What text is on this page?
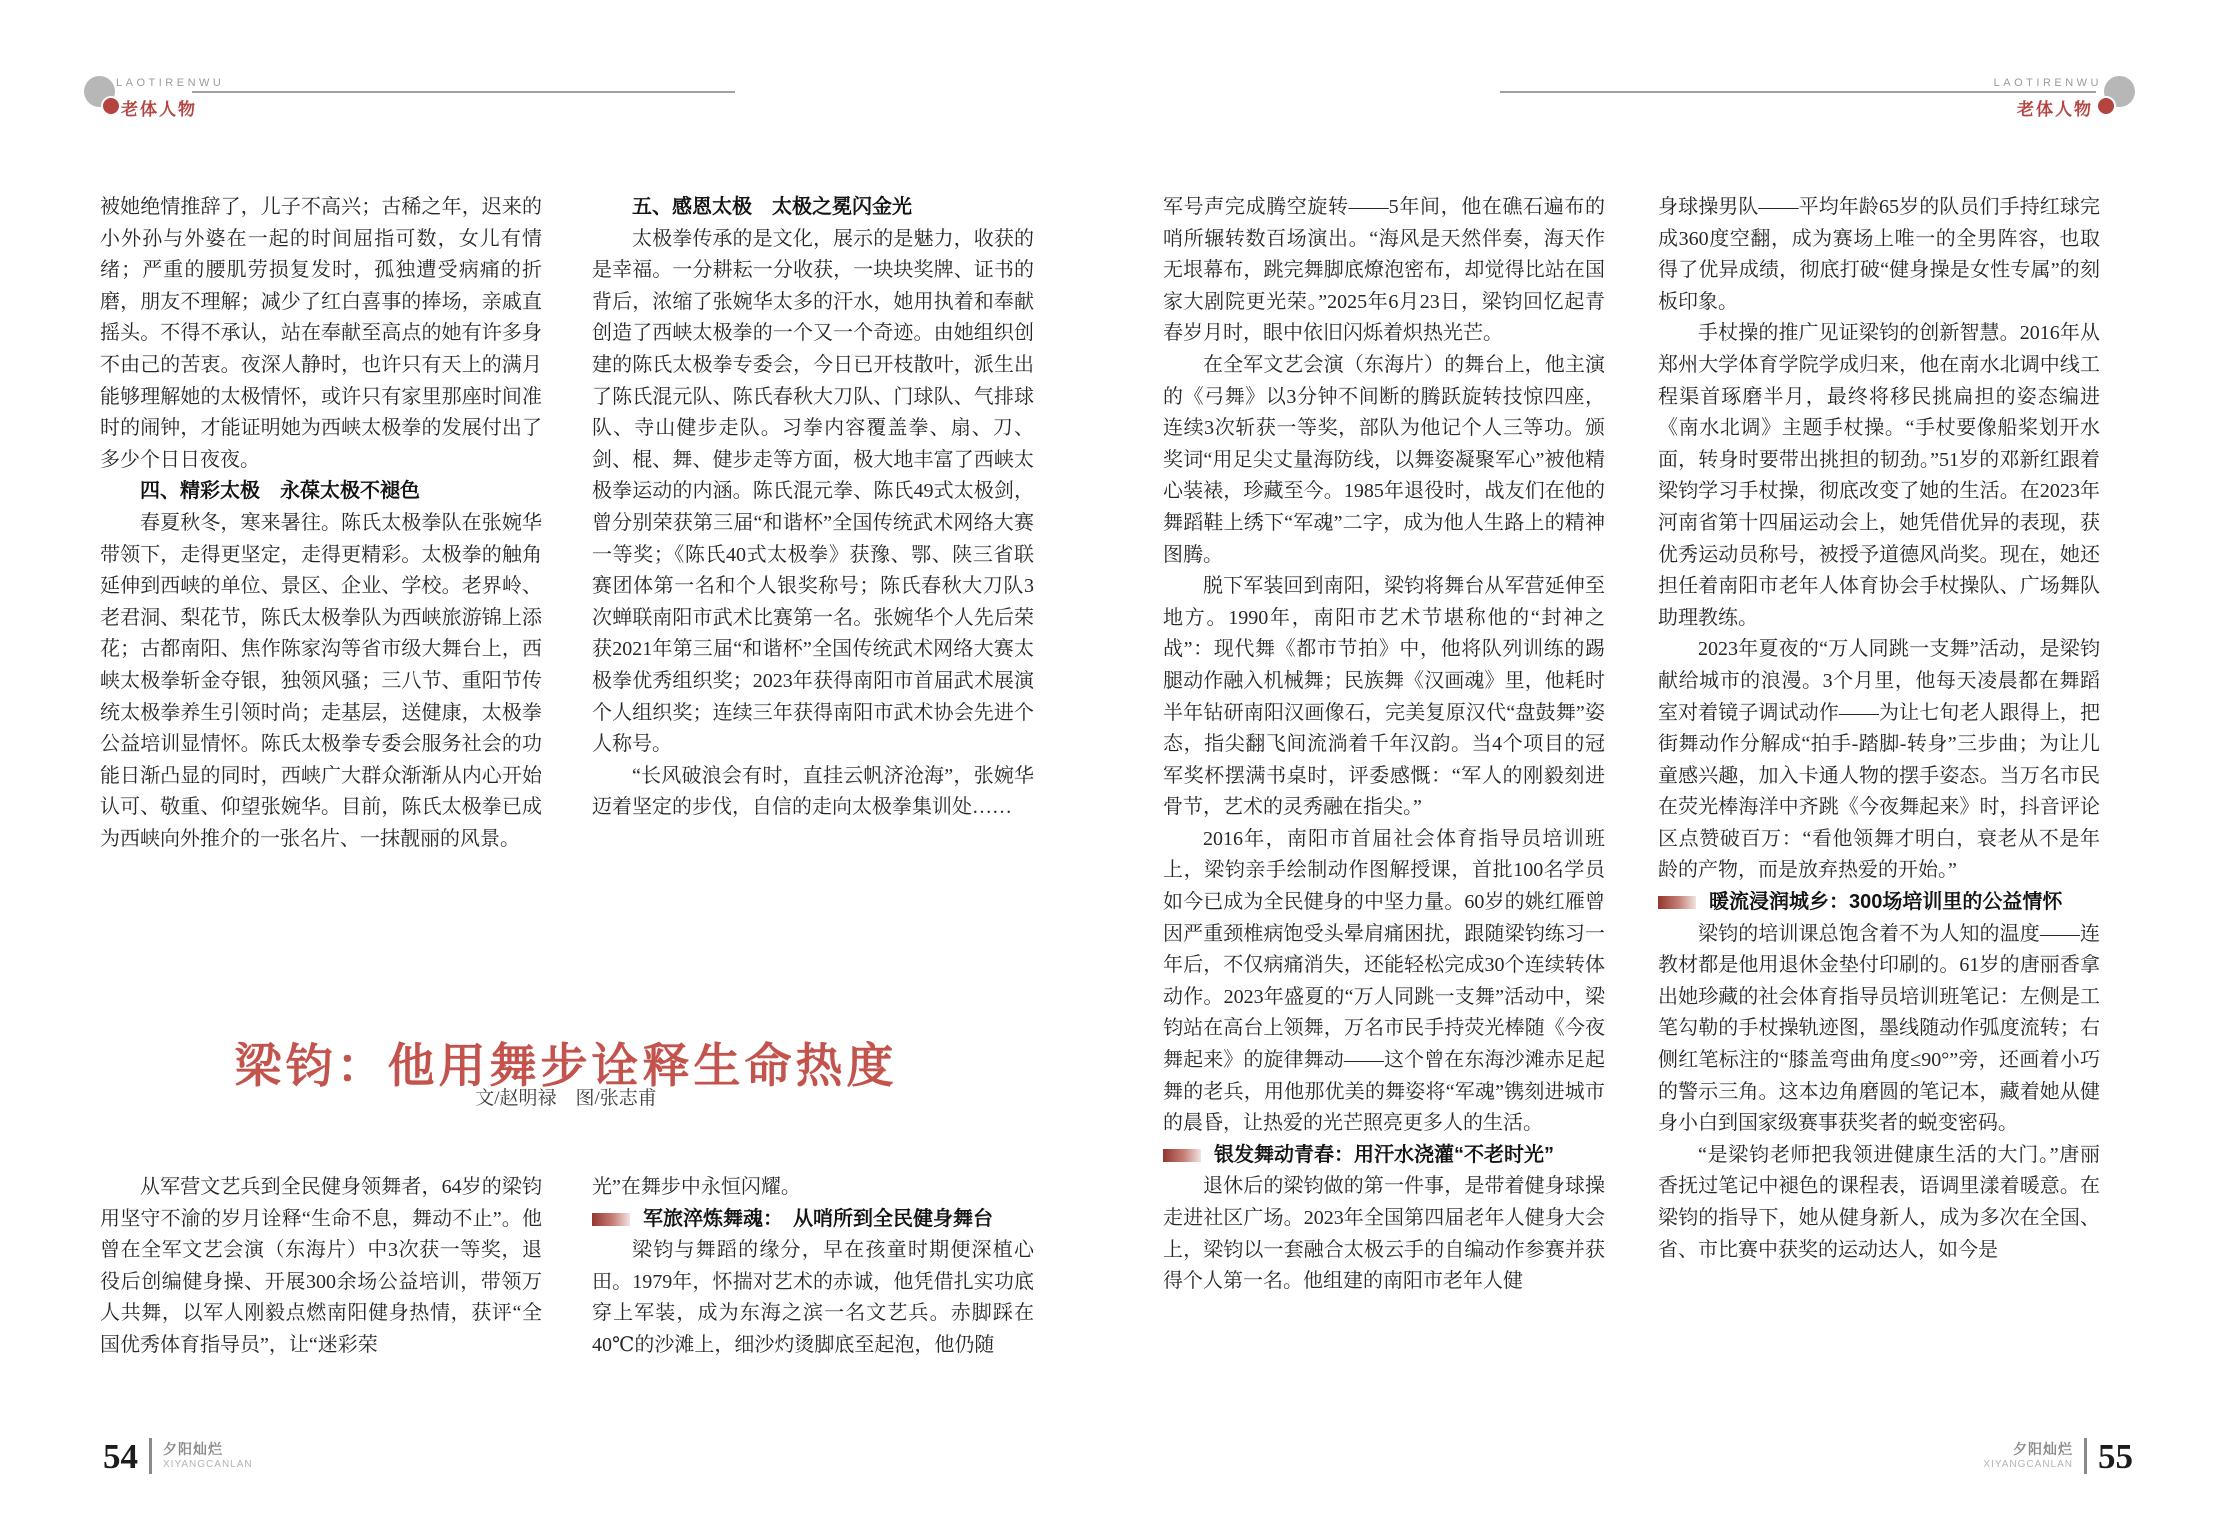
LAOTIRENWU
老体人物
LAOTIRENWU
老体人物

被她绝情推辞了，儿子不高兴；古稀之年，迟来的小外孙与外婆在一起的时间屈指可数，女儿有情绪；严重的腰肌劳损复发时，孤独遭受病痛的折磨，朋友不理解；减少了红白喜事的捧场，亲戚直摇头。不得不承认，站在奉献至高点的她有许多身不由己的苦衷。夜深人静时，也许只有天上的满月能够理解她的太极情怀，或许只有家里那座时间准时的闹钟，才能证明她为西峡太极拳的发展付出了多少个日日夜夜。

四、精彩太极　永葆太极不褪色

春夏秋冬，寒来暑往。陈氏太极拳队在张婉华带领下，走得更坚定，走得更精彩。太极拳的触角延伸到西峡的单位、景区、企业、学校。老界岭、老君洞、梨花节，陈氏太极拳队为西峡旅游锦上添花；古都南阳、焦作陈家沟等省市级大舞台上，西峡太极拳斩金夺银，独领风骚；三八节、重阳节传统太极拳养生引领时尚；走基层，送健康，太极拳公益培训显情怀。陈氏太极拳专委会服务社会的功能日渐凸显的同时，西峡广大群众渐渐从内心开始认可、敬重、仰望张婉华。目前，陈氏太极拳已成为西峡向外推介的一张名片、一抹靓丽的风景。

五、感恩太极　太极之冕闪金光

太极拳传承的是文化，展示的是魅力，收获的是幸福。一分耕耘一分收获，一块块奖牌、证书的背后，浓缩了张婉华太多的汗水，她用执着和奉献创造了西峡太极拳的一个又一个奇迹。由她组织创建的陈氏太极拳专委会，今日已开枝散叶，派生出了陈氏混元队、陈氏春秋大刀队、门球队、气排球队、寺山健步走队。习拳内容覆盖拳、扇、刀、剑、棍、舞、健步走等方面，极大地丰富了西峡太极拳运动的内涵。陈氏混元拳、陈氏49式太极剑，曾分别荣获第三届“和谐杯”全国传统武术网络大赛一等奖；《陈氏40式太极拳》获豫、鄂、陕三省联赛团体第一名和个人银奖称号；陈氏春秋大刀队3次蝉联南阳市武术比赛第一名。张婉华个人先后荣获2021年第三届“和谐杯”全国传统武术网络大赛太极拳优秀组织奖；2023年获得南阳市首届武术展演个人组织奖；连续三年获得南阳市武术协会先进个人称号。

“长风破浪会有时，直挂云帆济沧海”，张婉华迈着坚定的步伐，自信的走向太极拳集训处……

梁钧：他用舞步诠释生命热度
文/赵明禄　图/张志甫

从军营文艺兵到全民健身领舞者，64岁的梁钧用坚守不渝的岁月诠释“生命不息，舞动不止”。他曾在全军文艺会演（东海片）中3次获一等奖，退役后创编健身操、开展300余场公益培训，带领万人共舞，以军人刚毅点燃南阳健身热情，获评“全国优秀体育指导员”，让“迷彩荣

光”在舞步中永恒闪耀。

军旅淬炼舞魂：　从哨所到全民健身舞台

梁钧与舞蹈的缘分，早在孩童时期便深植心田。1979年，怀揣对艺术的赤诚，他凭借扎实功底穿上军装，成为东海之滨一名文艺兵。赤脚踩在40℃的沙滩上，细沙灼烫脚底至起泡，他仍随

军号声完成腾空旋转——5年间，他在礁石遍布的哨所辗转数百场演出。“海风是天然伴奏，海天作无垠幕布，跳完舞脚底燎泡密布，却觉得比站在国家大剧院更光荣。”2025年6月23日，梁钧回忆起青春岁月时，眼中依旧闪烁着炽热光芒。

在全军文艺会演（东海片）的舞台上，他主演的《弓舞》以3分钟不间断的腾跃旋转技惊四座，连续3次斩获一等奖，部队为他记个人三等功。颁奖词“用足尖丈量海防线，以舞姿凝聚军心”被他精心装裱，珍藏至今。1985年退役时，战友们在他的舞蹈鞋上绣下“军魂”二字，成为他人生路上的精神图腾。

脱下军装回到南阳，梁钧将舞台从军营延伸至地方。1990年，南阳市艺术节堪称他的“封神之战”：现代舞《都市节拍》中，他将队列训练的踢腿动作融入机械舞；民族舞《汉画魂》里，他耗时半年钻研南阳汉画像石，完美复原汉代“盘鼓舞”姿态，指尖翻飞间流淌着千年汉韵。当4个项目的冠军奖杯摆满书桌时，评委感慨：“军人的刚毅刻进骨节，艺术的灵秀融在指尖。”

2016年，南阳市首届社会体育指导员培训班上，梁钧亲手绘制动作图解授课，首批100名学员如今已成为全民健身的中坚力量。60岁的姚红雁曾因严重颈椎病饱受头晕肩痛困扰，跟随梁钧练习一年后，不仅病痛消失，还能轻松完成30个连续转体动作。2023年盛夏的“万人同跳一支舞”活动中，梁钧站在高台上领舞，万名市民手持荧光棒随《今夜舞起来》的旋律舞动——这个曾在东海沙滩赤足起舞的老兵，用他那优美的舞姿将“军魂”镌刻进城市的晨昏，让热爱的光芒照亮更多人的生活。

银发舞动青春：用汗水浇灌“不老时光”

退休后的梁钧做的第一件事，是带着健身球操走进社区广场。2023年全国第四届老年人健身大会上，梁钧以一套融合太极云手的自编动作参赛并获得个人第一名。他组建的南阳市老年人健

身球操男队——平均年龄65岁的队员们手持红球完成360度空翻，成为赛场上唯一的全男阵容，也取得了优异成绩，彻底打破“健身操是女性专属”的刻板印象。

手杖操的推广见证梁钧的创新智慧。2016年从郑州大学体育学院学成归来，他在南水北调中线工程渠首琢磨半月，最终将移民挑扁担的姿态编进《南水北调》主题手杖操。“手杖要像船桨划开水面，转身时要带出挑担的韧劲。”51岁的邓新红跟着梁钧学习手杖操，彻底改变了她的生活。在2023年河南省第十四届运动会上，她凭借优异的表现，获优秀运动员称号，被授予道德风尚奖。现在，她还担任着南阳市老年人体育协会手杖操队、广场舞队助理教练。

2023年夏夜的“万人同跳一支舞”活动，是梁钧献给城市的浪漫。3个月里，他每天凌晨都在舞蹈室对着镜子调试动作——为让七旬老人跟得上，把街舞动作分解成“拍手-踏脚-转身”三步曲；为让儿童感兴趣，加入卡通人物的摆手姿态。当万名市民在荧光棒海洋中齐跳《今夜舞起来》时，抖音评论区点赞破百万：“看他领舞才明白，衰老从不是年龄的产物，而是放弃热爱的开始。”

暖流浸润城乡：300场培训里的公益情怀

梁钧的培训课总饱含着不为人知的温度——连教材都是他用退休金垫付印刷的。61岁的唐丽香拿出她珍藏的社会体育指导员培训班笔记：左侧是工笔勾勒的手杖操轨迹图，墨线随动作弧度流转；右侧红笔标注的“膝盖弯曲角度≤90°”旁，还画着小巧的警示三角。这本边角磨圆的笔记本，藏着她从健身小白到国家级赛事获奖者的蜕变密码。

“是梁钧老师把我领进健康生活的大门。”唐丽香抚过笔记中褪色的课程表，语调里漾着暖意。在梁钧的指导下，她从健身新人，成为多次在全国、省、市比赛中获奖的运动达人，如今是

54 夕阳灿烂
XIYANGCANLAN
夕阳灿烂
XIYANGCANLAN 55
